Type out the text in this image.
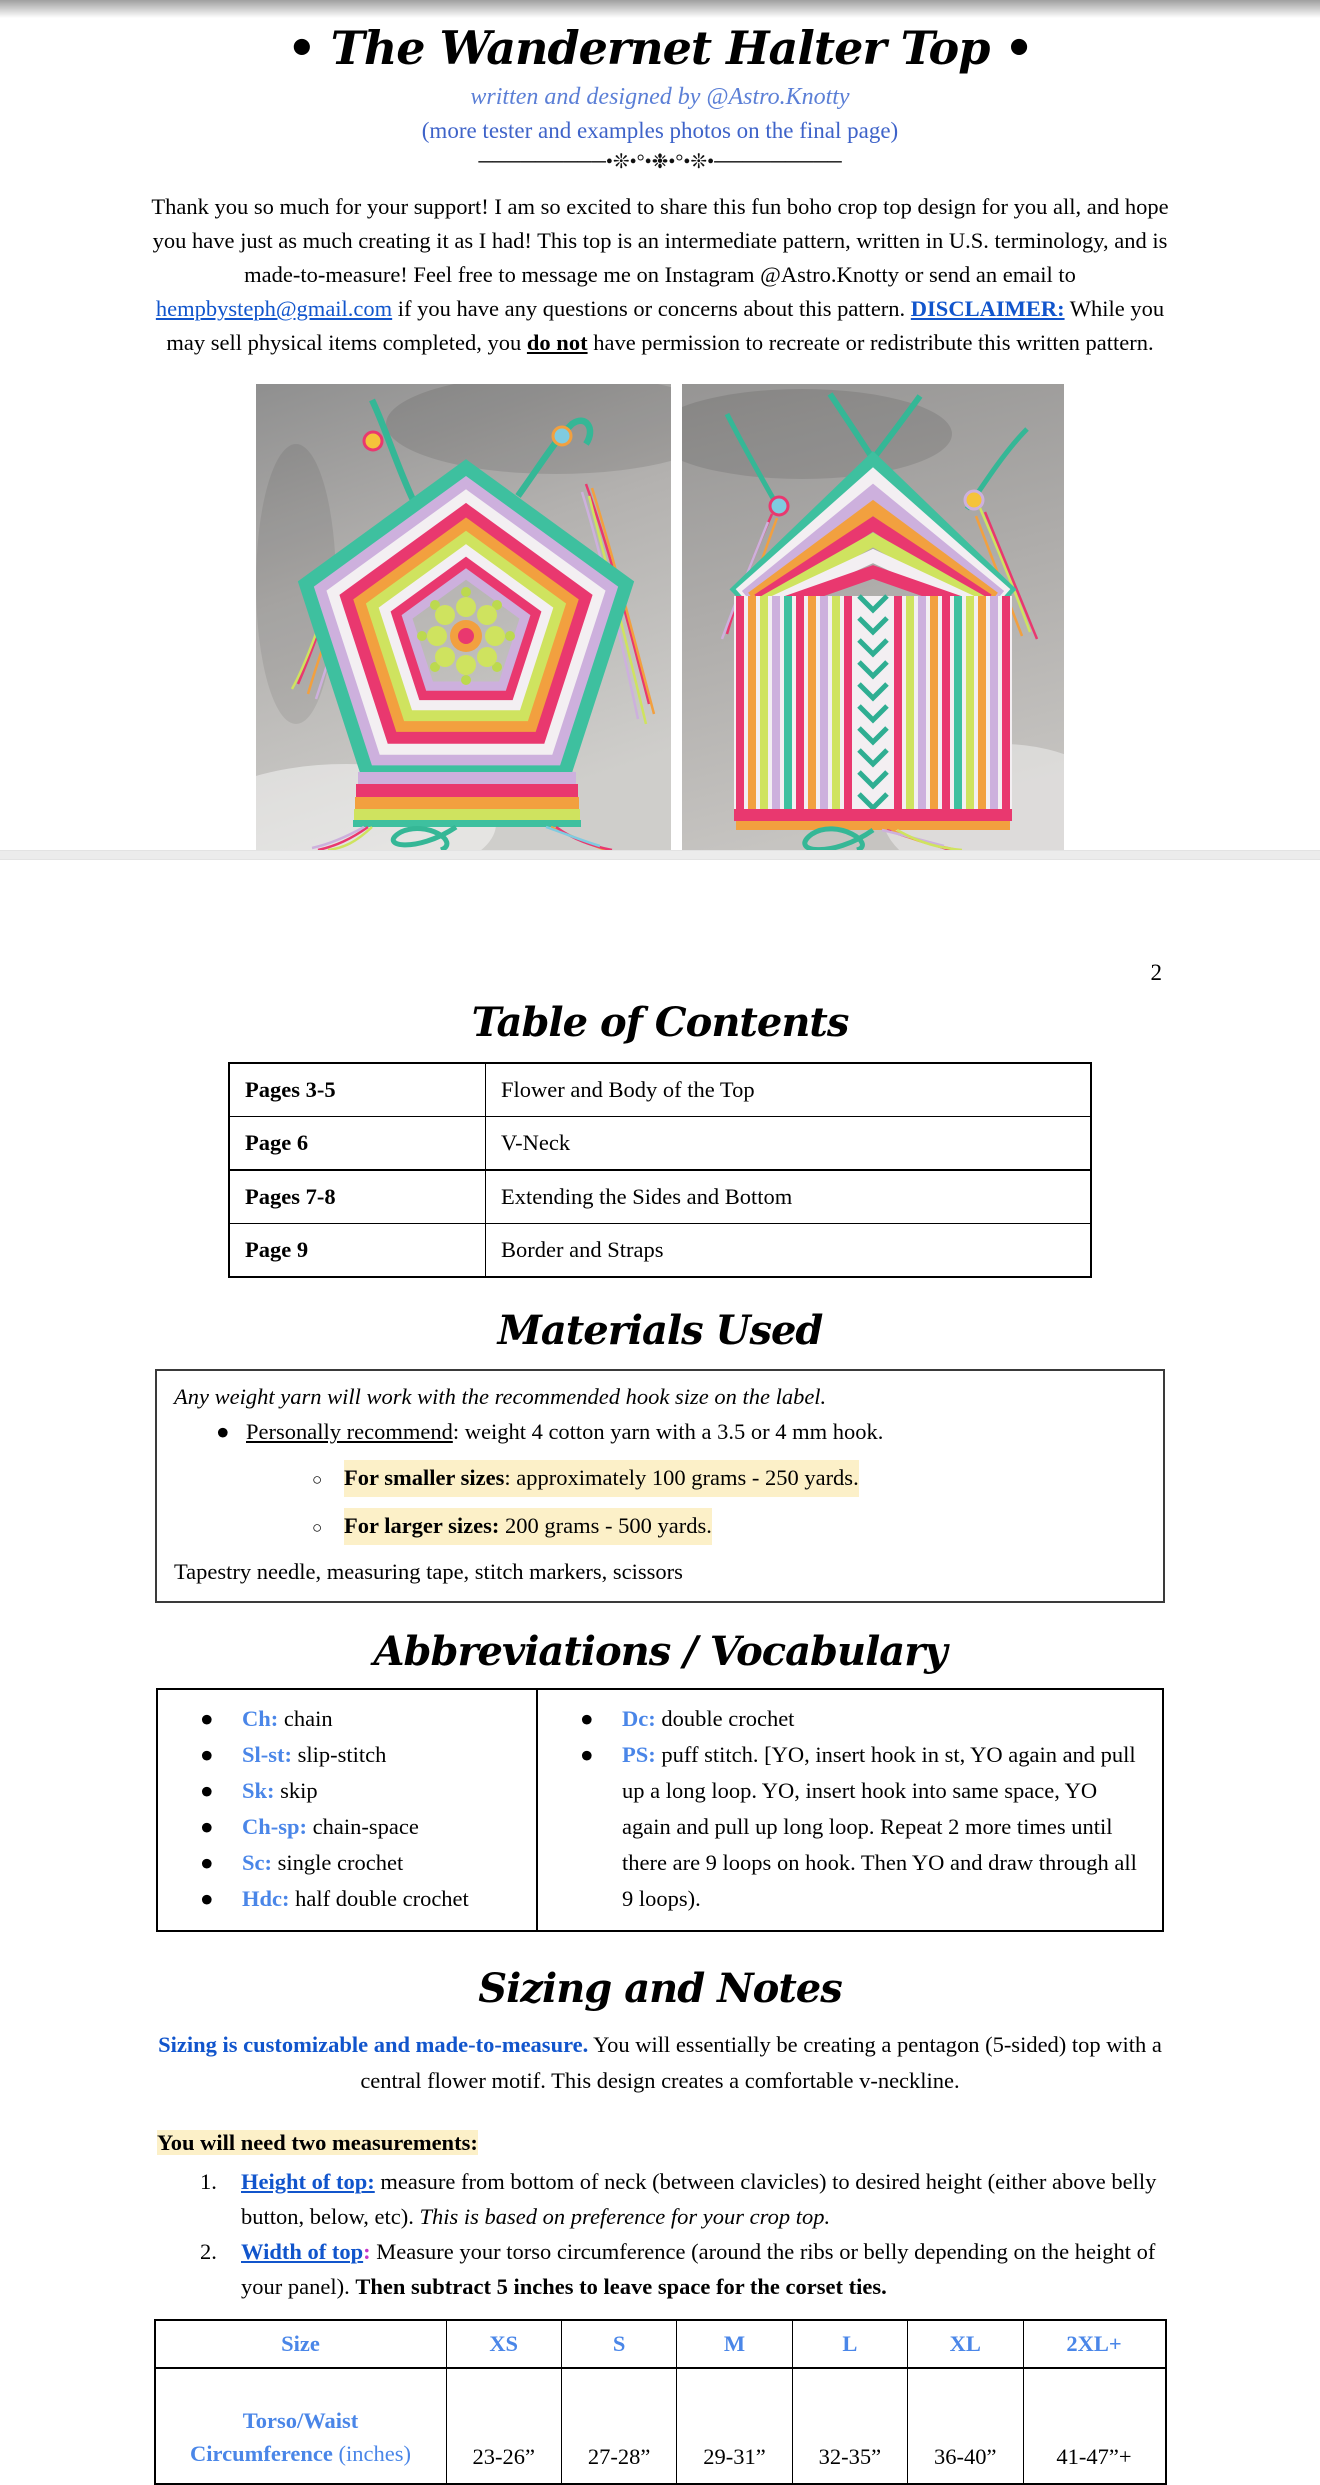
• The Wandernet Halter Top •
written and designed by @Astro.Knotty
(more tester and examples photos on the final page)
─────────•❊•°•❉•°•❊•─────────

Thank you so much for your support! I am so excited to share this fun boho crop top design for you all, and hope you have just as much creating it as I had! This top is an intermediate pattern, written in U.S. terminology, and is made-to-measure! Feel free to message me on Instagram @Astro.Knotty or send an email to hempbysteph@gmail.com if you have any questions or concerns about this pattern. DISCLAIMER: While you may sell physical items completed, you do not have permission to recreate or redistribute this written pattern.

2
Table of Contents
Pages 3-5	Flower and Body of the Top
Page 6	V-Neck
Pages 7-8	Extending the Sides and Bottom
Page 9	Border and Straps
Materials Used
Any weight yarn will work with the recommended hook size on the label.
● Personally recommend: weight 4 cotton yarn with a 3.5 or 4 mm hook.
○ For smaller sizes: approximately 100 grams - 250 yards.
○ For larger sizes: 200 grams - 500 yards.
Tapestry needle, measuring tape, stitch markers, scissors
Abbreviations / Vocabulary
●	Ch: chain
●	Sl-st: slip-stitch
●	Sk: skip
●	Ch-sp: chain-space
●	Sc: single crochet
●	Hdc: half double crochet

●	Dc: double crochet
●	PS: puff stitch. [YO, insert hook in st, YO again and pull up a long loop. YO, insert hook into same space, YO again and pull up long loop. Repeat 2 more times until there are 9 loops on hook. Then YO and draw through all 9 loops).
Sizing and Notes

Sizing is customizable and made-to-measure. You will essentially be creating a pentagon (5-sided) top with a central flower motif. This design creates a comfortable v-neckline.

You will need two measurements:
1.	Height of top: measure from bottom of neck (between clavicles) to desired height (either above belly button, below, etc). This is based on preference for your crop top.
2.	Width of top: Measure your torso circumference (around the ribs or belly depending on the height of your panel). Then subtract 5 inches to leave space for the corset ties.
Size	XS	S	M	L	XL	2XL+

Torso/Waist
Circumference (inches)	23-26”	27-28”	29-31”	32-35”	36-40”	41-47”+
